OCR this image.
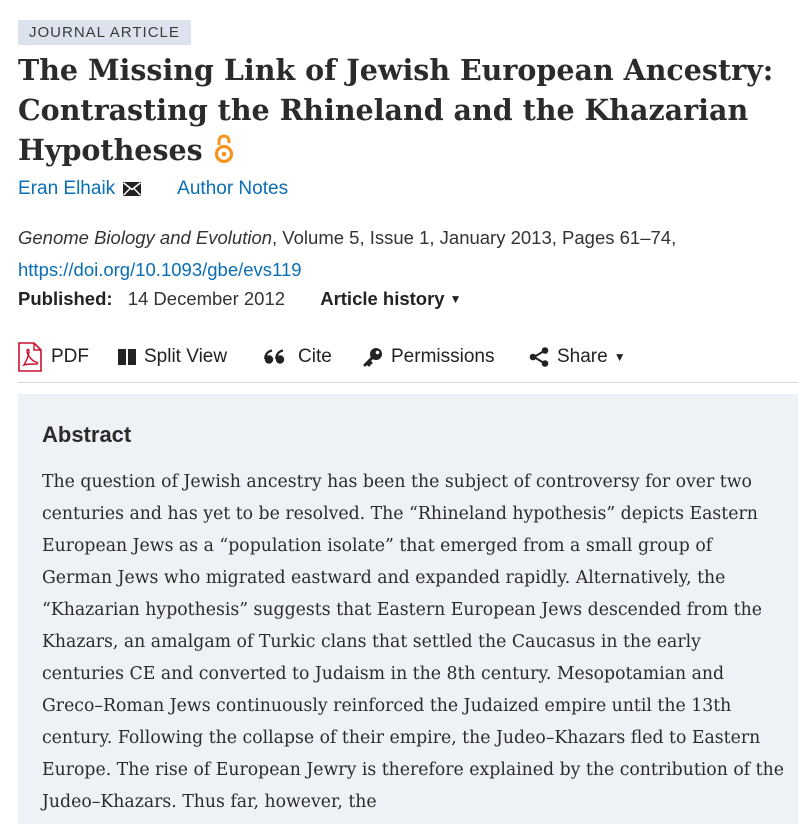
JOURNAL ARTICLE
The Missing Link of Jewish European Ancestry: Contrasting the Rhineland and the Khazarian Hypotheses
Eran Elhaik	Author Notes
Genome Biology and Evolution, Volume 5, Issue 1, January 2013, Pages 61–74,
https://doi.org/10.1093/gbe/evs119
Published: 14 December 2012 Article history ▼
PDF	Split View	Cite	Permissions	Share ▼
Abstract

The question of Jewish ancestry has been the subject of controversy for over two centuries and has yet to be resolved. The “Rhineland hypothesis” depicts Eastern European Jews as a “population isolate” that emerged from a small group of German Jews who migrated eastward and expanded rapidly. Alternatively, the “Khazarian hypothesis” suggests that Eastern European Jews descended from the Khazars, an amalgam of Turkic clans that settled the Caucasus in the early centuries CE and converted to Judaism in the 8th century. Mesopotamian and Greco–Roman Jews continuously reinforced the Judaized empire until the 13th century. Following the collapse of their empire, the Judeo–Khazars fled to Eastern Europe. The rise of European Jewry is therefore explained by the contribution of the Judeo–Khazars. Thus far, however, the
